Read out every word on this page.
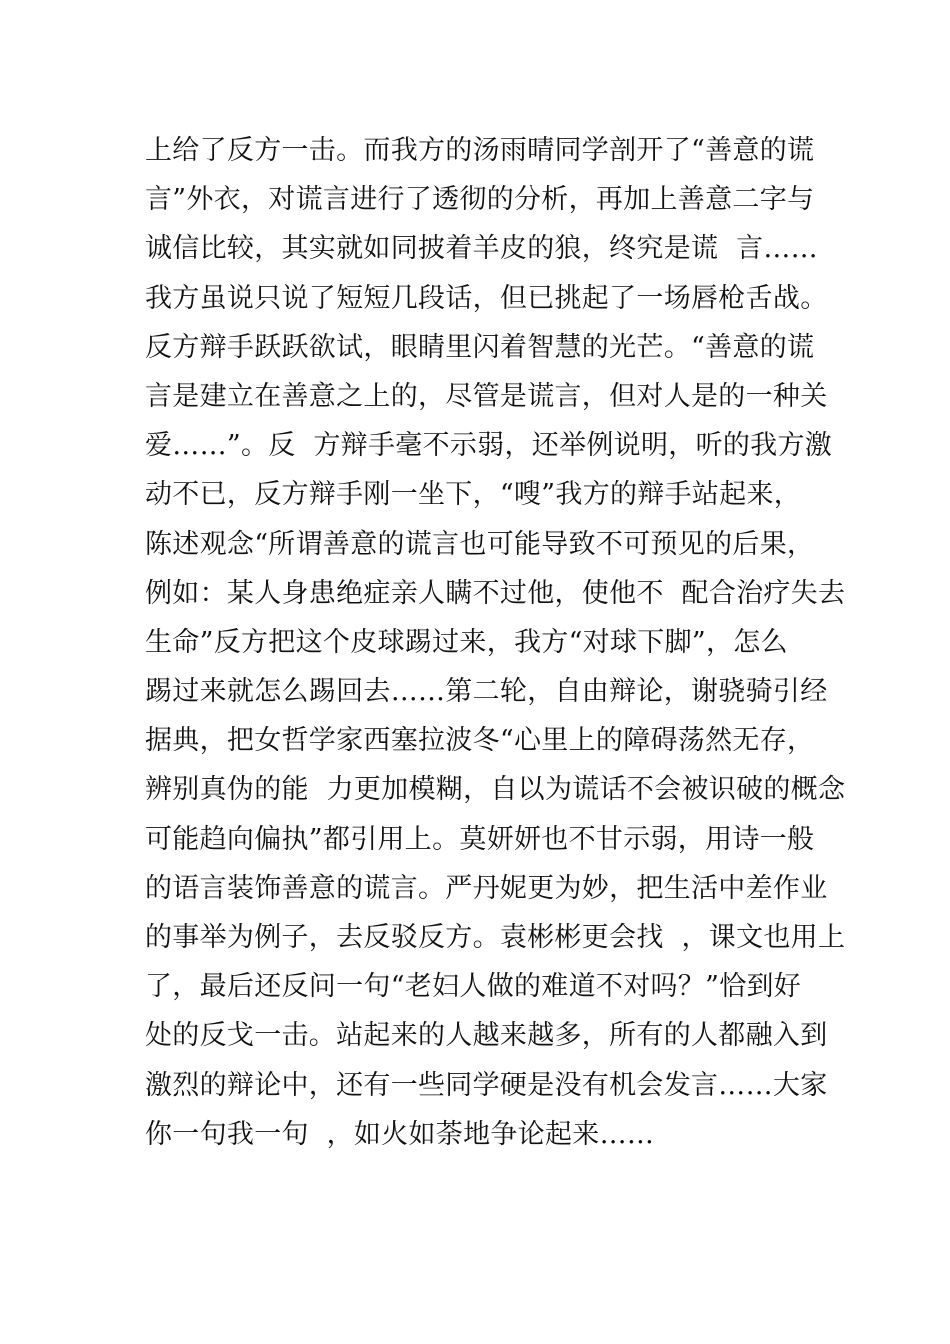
上给了反方一击。而我方的汤雨晴同学剖开了“善意的谎
言”外衣，对谎言进行了透彻的分析，再加上善意二字与
诚信比较，其实就如同披着羊皮的狼，终究是谎  言……
我方虽说只说了短短几段话，但已挑起了一场唇枪舌战。
反方辩手跃跃欲试，眼睛里闪着智慧的光芒。“善意的谎
言是建立在善意之上的，尽管是谎言，但对人是的一种关
爱……”。反  方辩手毫不示弱，还举例说明，听的我方激
动不已，反方辩手刚一坐下，“嗖”我方的辩手站起来，
陈述观念“所谓善意的谎言也可能导致不可预见的后果，
例如：某人身患绝症亲人瞒不过他，使他不  配合治疗失去
生命”反方把这个皮球踢过来，我方“对球下脚”，怎么
踢过来就怎么踢回去……第二轮，自由辩论，谢骁骑引经
据典，把女哲学家西塞拉波冬“心里上的障碍荡然无存，
辨别真伪的能  力更加模糊，自以为谎话不会被识破的概念
可能趋向偏执”都引用上。莫妍妍也不甘示弱，用诗一般
的语言装饰善意的谎言。严丹妮更为妙，把生活中差作业
的事举为例子，去反驳反方。袁彬彬更会找  ，课文也用上
了，最后还反问一句“老妇人做的难道不对吗？”恰到好
处的反戈一击。站起来的人越来越多，所有的人都融入到
激烈的辩论中，还有一些同学硬是没有机会发言……大家
你一句我一句  ，如火如荼地争论起来……
